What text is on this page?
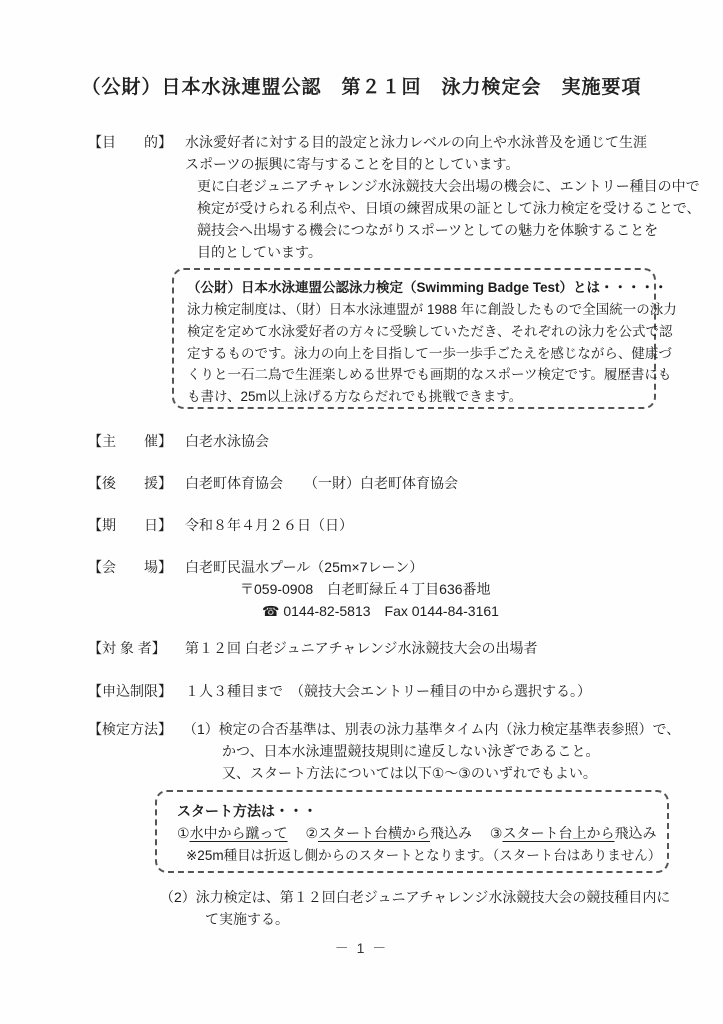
（公財）日本水泳連盟公認　第２１回　泳力検定会　実施要項
【目　　的】 水泳愛好者に対する目的設定と泳力レベルの向上や水泳普及を通じて生涯
スポーツの振興に寄与することを目的としています。
更に白老ジュニアチャレンジ水泳競技大会出場の機会に、エントリー種目の中で
検定が受けられる利点や、日頃の練習成果の証として泳力検定を受けることで、
競技会へ出場する機会につながりスポーツとしての魅力を体験することを
目的としています。
（公財）日本水泳連盟公認泳力検定（Swimming Badge Test）とは・・・・・
泳力検定制度は、（財）日本水泳連盟が 1988 年に創設したもので全国統一の泳力
検定を定めて水泳愛好者の方々に受験していただき、それぞれの泳力を公式で認
定するものです。泳力の向上を目指して一歩一歩手ごたえを感じながら、健康づ
くりと一石二鳥で生涯楽しめる世界でも画期的なスポーツ検定です。履歴書にも
も書け、25m以上泳げる方ならだれでも挑戦できます。
【主　　催】 白老水泳協会
【後　　援】 白老町体育協会　　（一財）白老町体育協会
【期　　日】 令和８年４月２６日（日）
【会　　場】 白老町民温水プール（25m×7レーン）
〒059-0908　白老町緑丘４丁目636番地
☎ 0144-82-5813　Fax 0144-84-3161
【対 象 者】 第１２回 白老ジュニアチャレンジ水泳競技大会の出場者
【申込制限】 １人３種目まで　（競技大会エントリー種目の中から選択する。）
【検定方法】 （1）検定の合否基準は、別表の泳力基準タイム内（泳力検定基準表参照）で、
かつ、日本水泳連盟競技規則に違反しない泳ぎであること。
又、スタート方法については以下①～③のいずれでもよい。
スタート方法は・・・
①水中から蹴って ②スタート台横から飛込み ③スタート台上から飛込み
※25m種目は折返し側からのスタートとなります。（スタート台はありません）
（2）泳力検定は、第１２回白老ジュニアチャレンジ水泳競技大会の競技種目内に
て実施する。
－ 1 －
